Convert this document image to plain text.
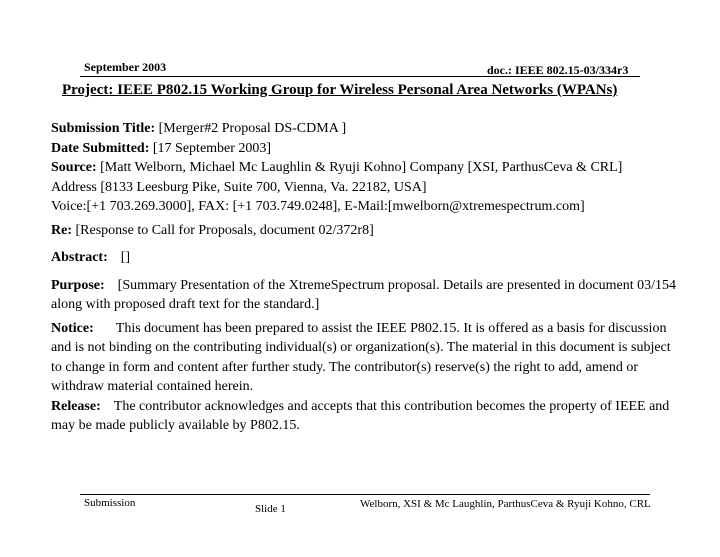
September 2003	doc.: IEEE 802.15-03/334r3
Project: IEEE P802.15 Working Group for Wireless Personal Area Networks (WPANs)

Submission Title: [Merger#2 Proposal DS-CDMA ]

Date Submitted: [17 September 2003]

Source: [Matt Welborn, Michael Mc Laughlin & Ryuji Kohno] Company [XSI, ParthusCeva & CRL]

Address [8133 Leesburg Pike, Suite 700, Vienna, Va. 22182, USA]

Voice:[+1 703.269.3000], FAX: [+1 703.749.0248], E-Mail:[mwelborn@xtremespectrum.com]

Re: [Response to Call for Proposals, document 02/372r8]

Abstract: []

Purpose: [Summary Presentation of the XtremeSpectrum proposal. Details are presented in document 03/154 along with proposed draft text for the standard.]

Notice: This document has been prepared to assist the IEEE P802.15. It is offered as a basis for discussion and is not binding on the contributing individual(s) or organization(s). The material in this document is subject to change in form and content after further study. The contributor(s) reserve(s) the right to add, amend or withdraw material contained herein.

Release: The contributor acknowledges and accepts that this contribution becomes the property of IEEE and may be made publicly available by P802.15.

Submission	Slide 1	Welborn, XSI & Mc Laughlin, ParthusCeva & Ryuji Kohno, CRL
